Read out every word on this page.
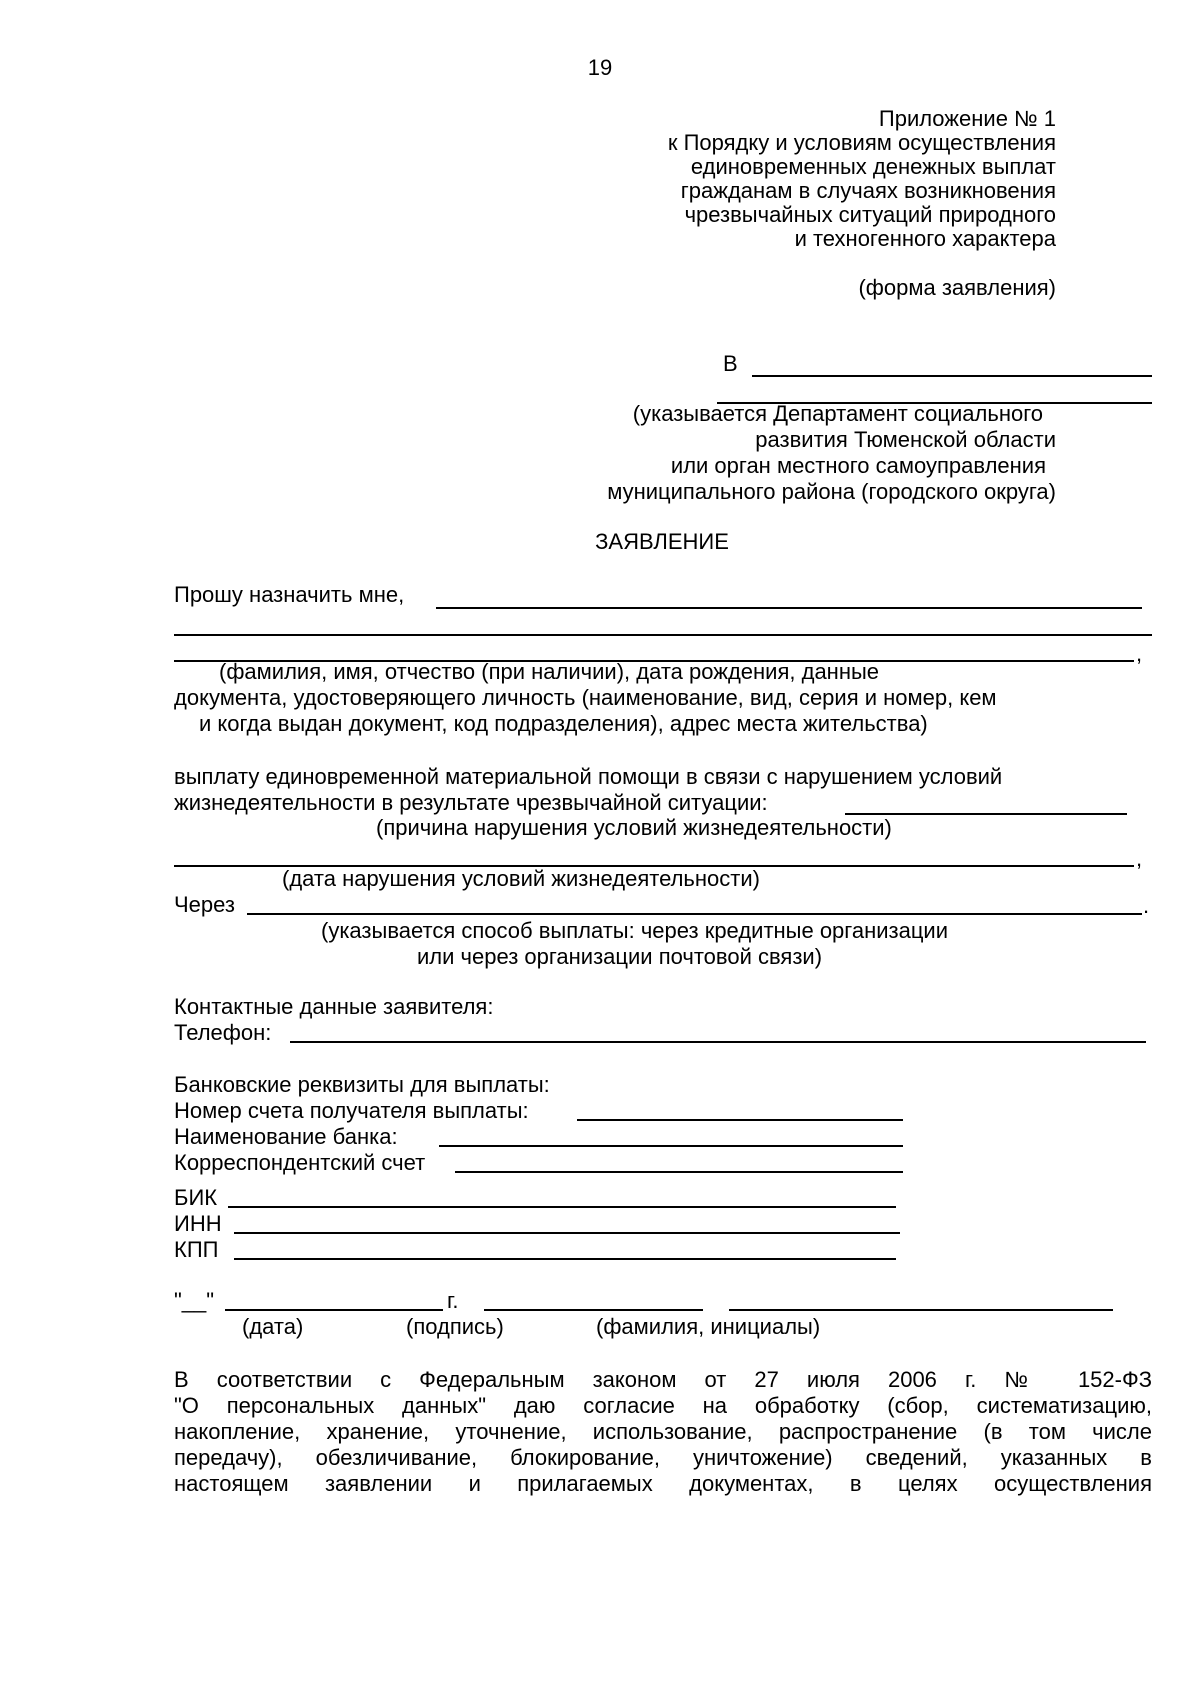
19
Приложение № 1
к Порядку и условиям осуществления
единовременных денежных выплат
гражданам в случаях возникновения
чрезвычайных ситуаций природного
и техногенного характера
(форма заявления)
В
(указывается Департамент социального
развития Тюменской области
или орган местного самоуправления
муниципального района (городского округа)
ЗАЯВЛЕНИЕ
Прошу назначить мне,
,
(фамилия, имя, отчество (при наличии), дата рождения, данные
документа, удостоверяющего личность (наименование, вид, серия и номер, кем
и когда выдан документ, код подразделения), адрес места жительства)
выплату единовременной материальной помощи в связи с нарушением условий
жизнедеятельности в результате чрезвычайной ситуации:
(причина нарушения условий жизнедеятельности)
,
(дата нарушения условий жизнедеятельности)
Через	.
(указывается способ выплаты: через кредитные организации
или через организации почтовой связи)
Контактные данные заявителя:
Телефон:
Банковские реквизиты для выплаты:
Номер счета получателя выплаты:
Наименование банка:
Корреспондентский счет
БИК
ИНН
КПП
"__"	г.
(дата)	(подпись)	(фамилия, инициалы)
В соответствии с Федеральным законом от 27 июля 2006 г. № 152-ФЗ
"О персональных данных" даю согласие на обработку (сбор, систематизацию,
накопление, хранение, уточнение, использование, распространение (в том числе
передачу), обезличивание, блокирование, уничтожение) сведений, указанных в
настоящем заявлении и прилагаемых документах, в целях осуществления
